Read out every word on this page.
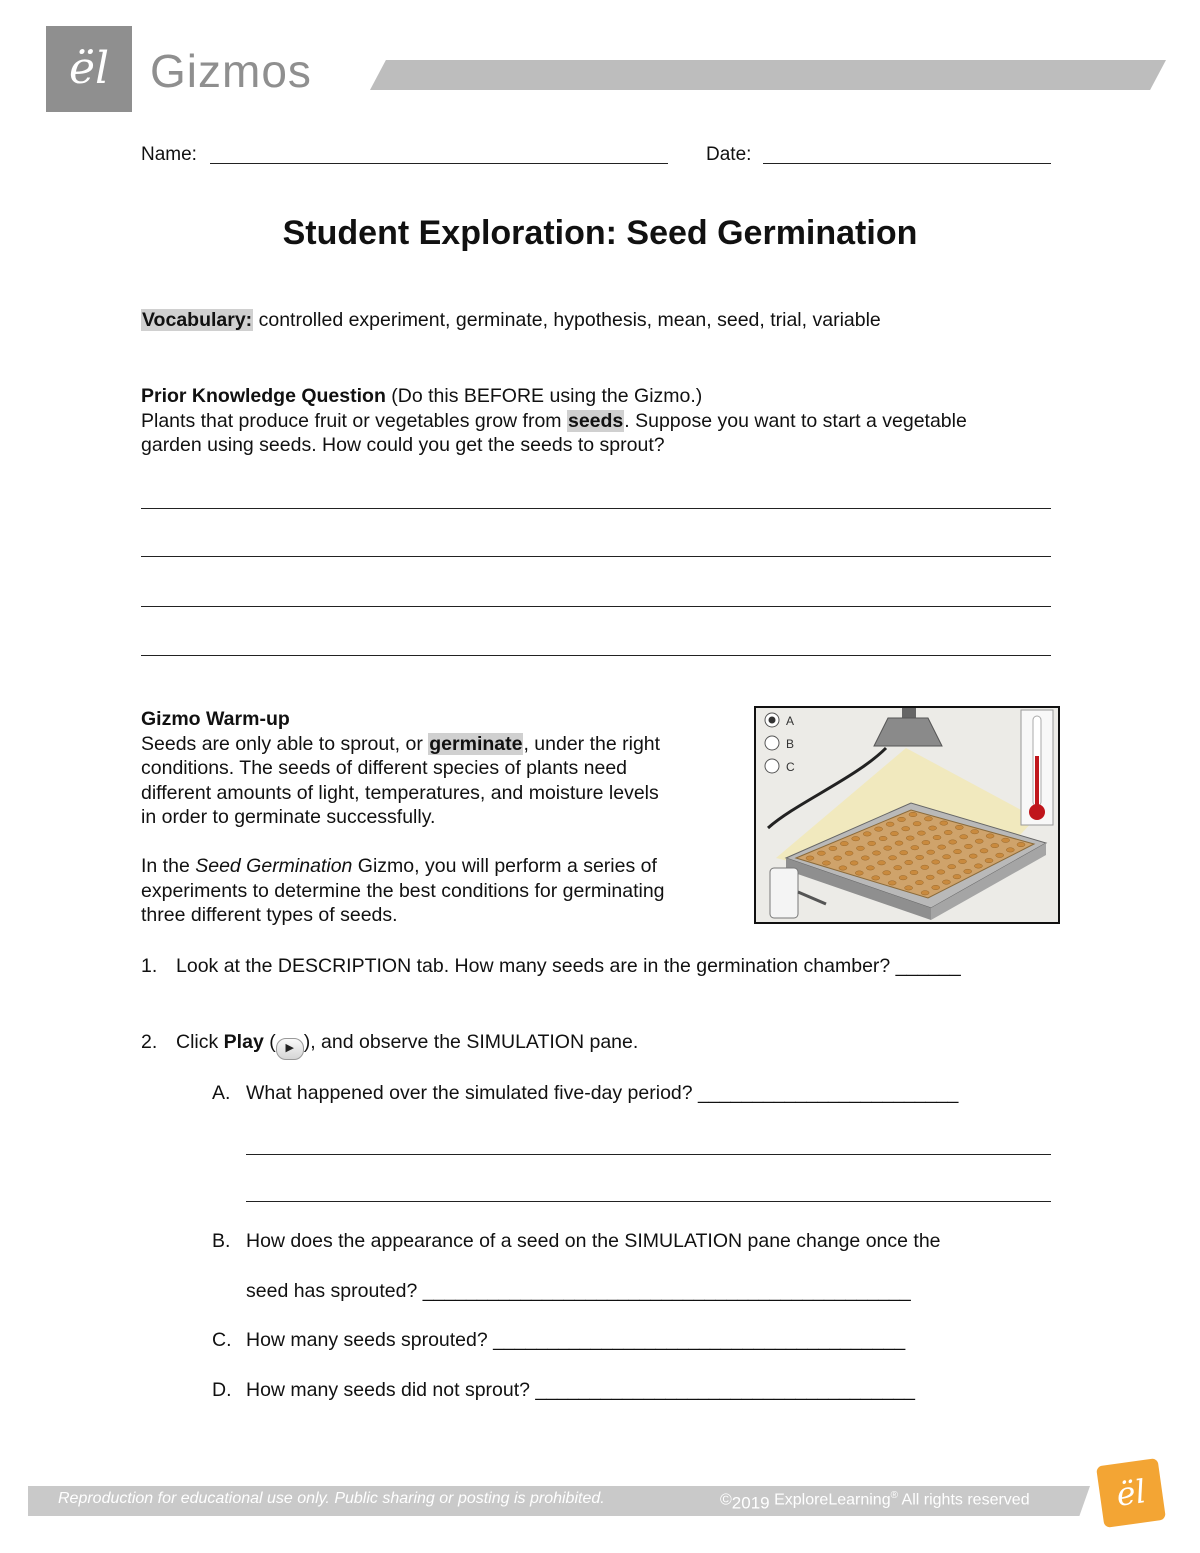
ël Gizmos
Name:	Date:
Student Exploration: Seed Germination
Vocabulary: controlled experiment, germinate, hypothesis, mean, seed, trial, variable
Prior Knowledge Question (Do this BEFORE using the Gizmo.)
Plants that produce fruit or vegetables grow from seeds. Suppose you want to start a vegetable
garden using seeds. How could you get the seeds to sprout?
Gizmo Warm-up
Seeds are only able to sprout, or germinate, under the right
conditions. The seeds of different species of plants need
different amounts of light, temperatures, and moisture levels
in order to germinate successfully.
In the Seed Germination Gizmo, you will perform a series of
experiments to determine the best conditions for germinating
three different types of seeds.
A
B
C
1. Look at the DESCRIPTION tab. How many seeds are in the germination chamber? ______
2. Click Play ( ▶ ), and observe the SIMULATION pane.
A. What happened over the simulated five-day period? ________________________
B. How does the appearance of a seed on the SIMULATION pane change once the
seed has sprouted? _____________________________________________
C. How many seeds sprouted? ______________________________________
D. How many seeds did not sprout? ___________________________________
Reproduction for educational use only. Public sharing or posting is prohibited.	©2019 ExploreLearning® All rights reserved	ël
